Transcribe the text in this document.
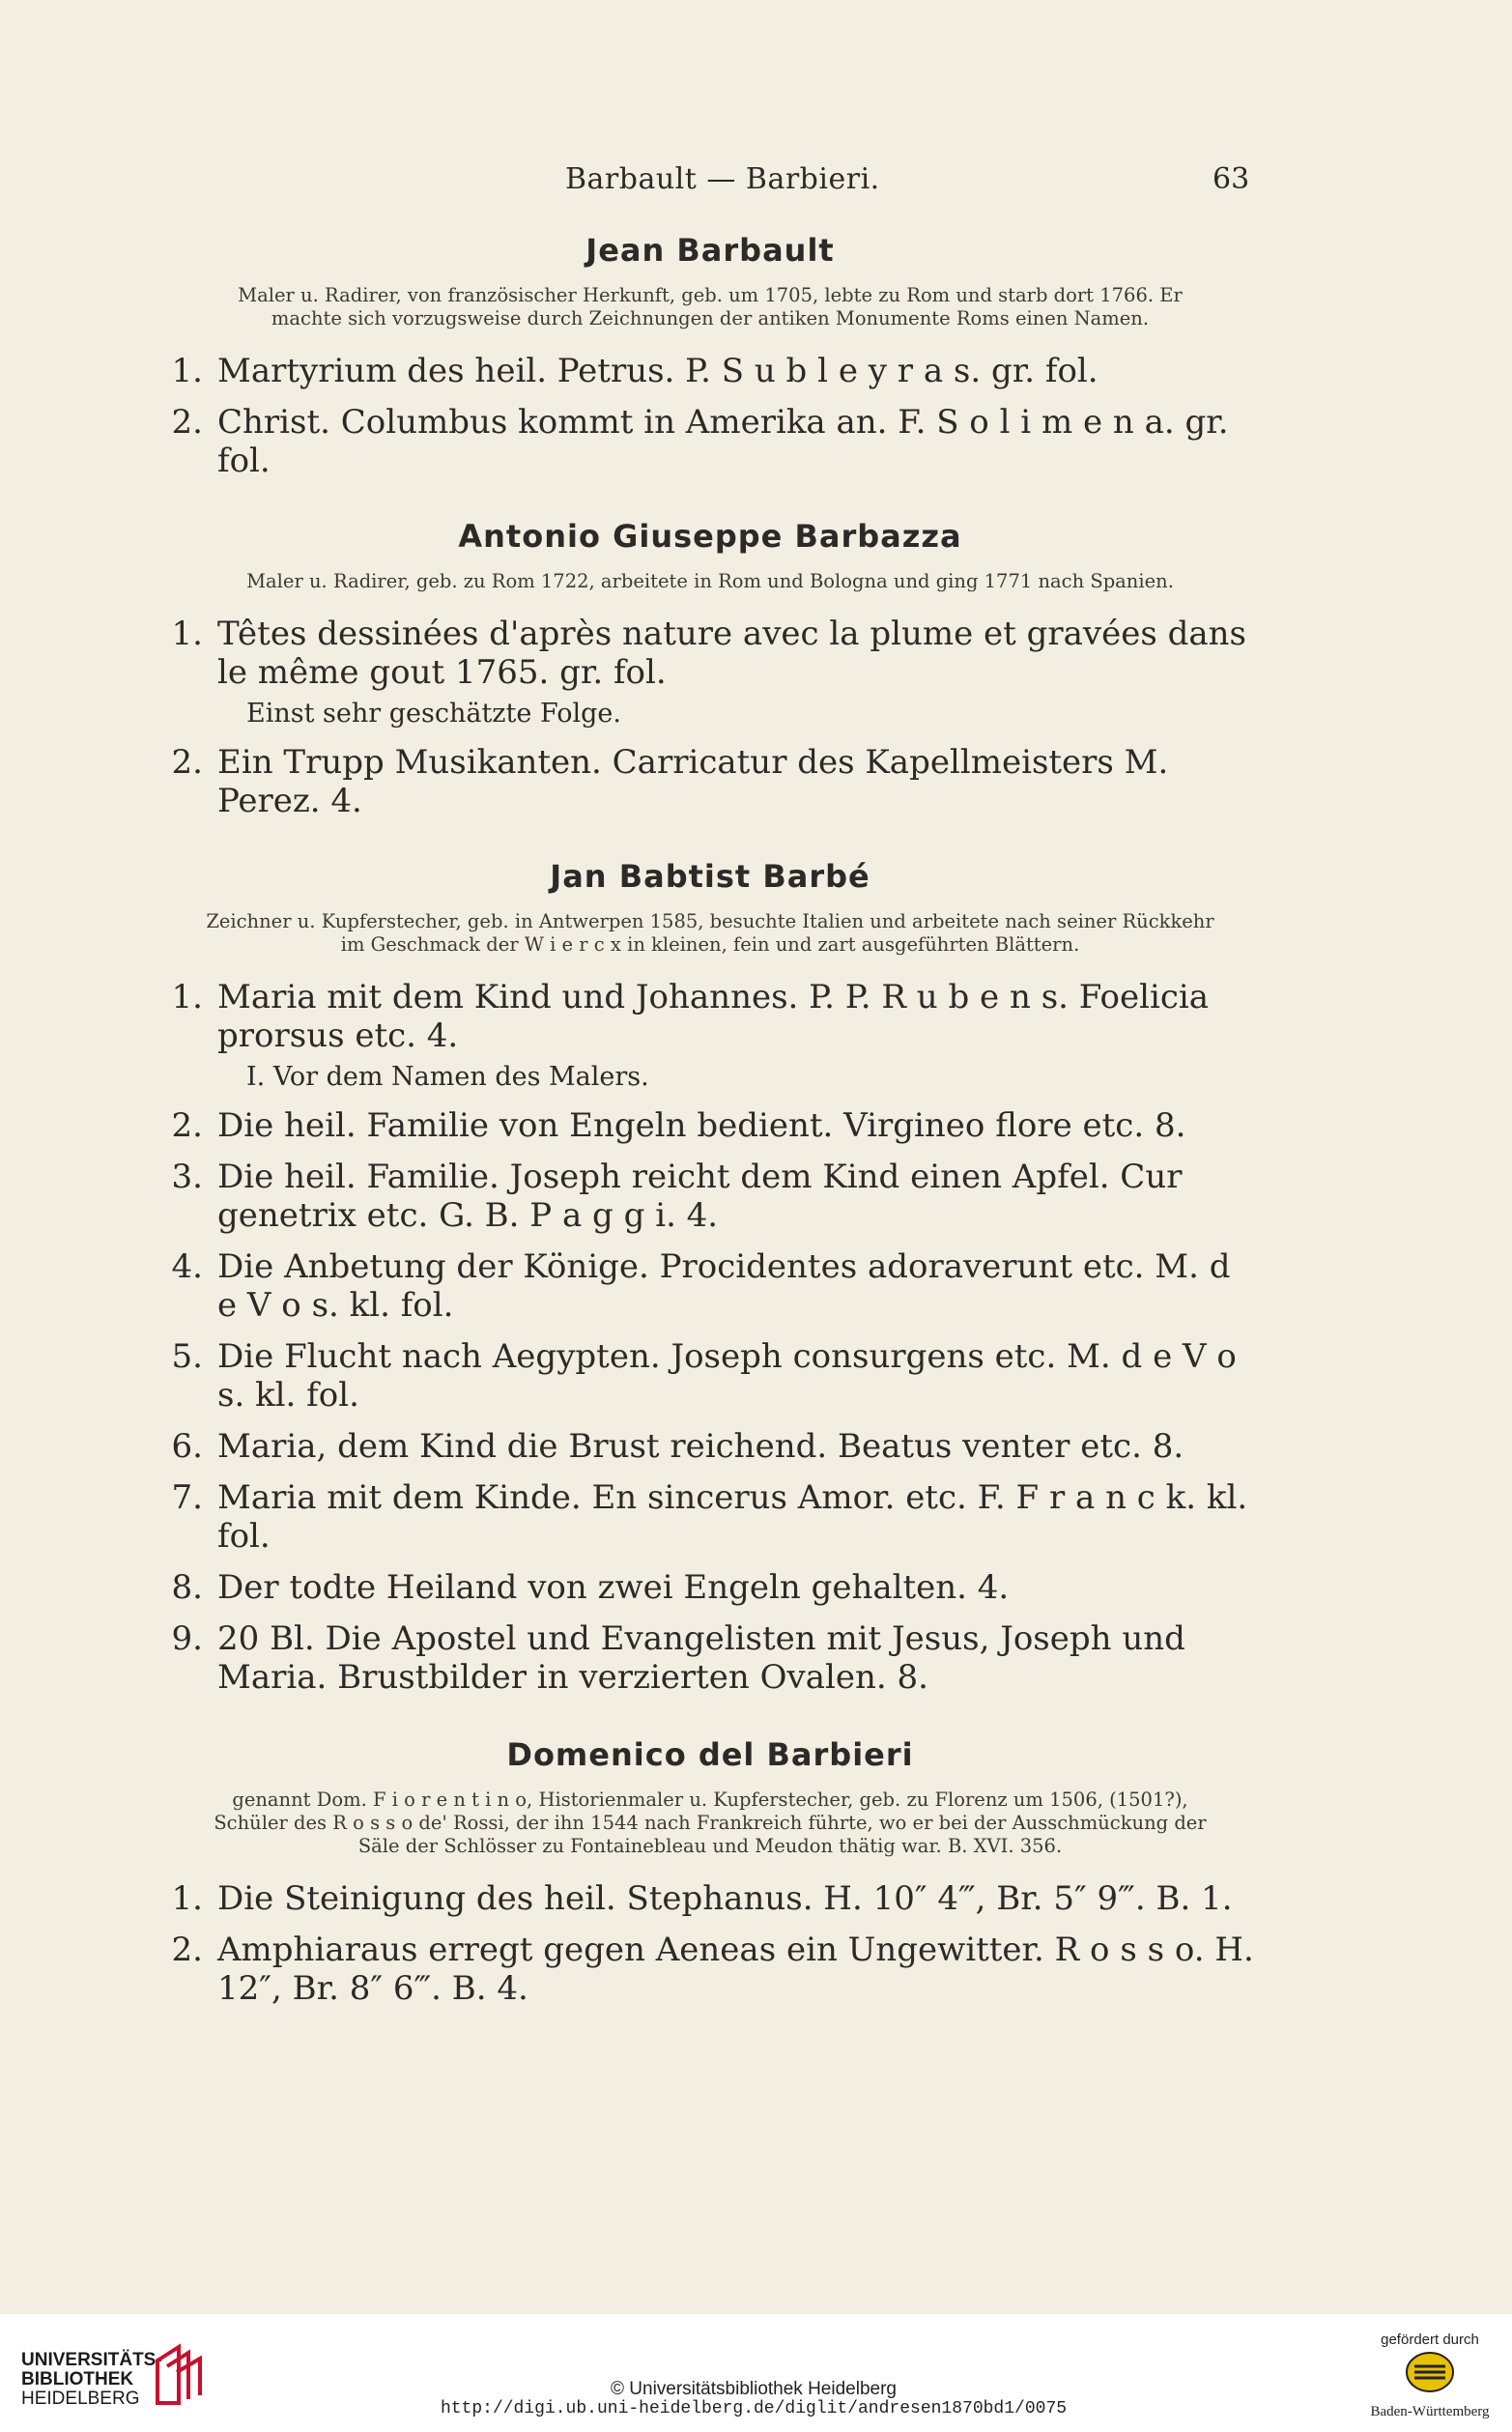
Barbault — Barbieri.	63
Jean Barbault

Maler u. Radirer, von französischer Herkunft, geb. um 1705, lebte zu Rom und starb dort 1766. Er machte sich vorzugsweise durch Zeichnungen der antiken Monumente Roms einen Namen.

1. Martyrium des heil. Petrus. P. S u b l e y r a s. gr. fol.
2. Christ. Columbus kommt in Amerika an. F. S o l i m e n a. gr. fol.
Antonio Giuseppe Barbazza

Maler u. Radirer, geb. zu Rom 1722, arbeitete in Rom und Bologna und ging 1771 nach Spanien.

1. Têtes dessinées d'après nature avec la plume et gravées dans le même gout 1765. gr. fol.
Einst sehr geschätzte Folge.
2. Ein Trupp Musikanten. Carricatur des Kapellmeisters M. Perez. 4.
Jan Babtist Barbé

Zeichner u. Kupferstecher, geb. in Antwerpen 1585, besuchte Italien und arbeitete nach seiner Rückkehr im Geschmack der W i e r c x in kleinen, fein und zart ausgeführten Blättern.

1. Maria mit dem Kind und Johannes. P. P. R u b e n s. Foelicia prorsus etc. 4.
I. Vor dem Namen des Malers.
2. Die heil. Familie von Engeln bedient. Virgineo flore etc. 8.
3. Die heil. Familie. Joseph reicht dem Kind einen Apfel. Cur genetrix etc. G. B. P a g g i. 4.
4. Die Anbetung der Könige. Procidentes adoraverunt etc. M. d e V o s. kl. fol.
5. Die Flucht nach Aegypten. Joseph consurgens etc. M. d e V o s. kl. fol.
6. Maria, dem Kind die Brust reichend. Beatus venter etc. 8.
7. Maria mit dem Kinde. En sincerus Amor. etc. F. F r a n c k. kl. fol.
8. Der todte Heiland von zwei Engeln gehalten. 4.
9. 20 Bl. Die Apostel und Evangelisten mit Jesus, Joseph und Maria. Brustbilder in verzierten Ovalen. 8.
Domenico del Barbieri

genannt Dom. F i o r e n t i n o, Historienmaler u. Kupferstecher, geb. zu Florenz um 1506, (1501?), Schüler des R o s s o de' Rossi, der ihn 1544 nach Frankreich führte, wo er bei der Ausschmückung der Säle der Schlösser zu Fontainebleau und Meudon thätig war. B. XVI. 356.

1. Die Steinigung des heil. Stephanus. H. 10″ 4‴, Br. 5″ 9‴. B. 1.
2. Amphiaraus erregt gegen Aeneas ein Ungewitter. R o s s o. H. 12″, Br. 8″ 6‴. B. 4.
UNIVERSITÄTS-
BIBLIOTHEK
HEIDELBERG	© Universitätsbibliothek Heidelberg
http://digi.ub.uni-heidelberg.de/diglit/andresen1870bd1/0075
gefördert durch
Baden-Württemberg
